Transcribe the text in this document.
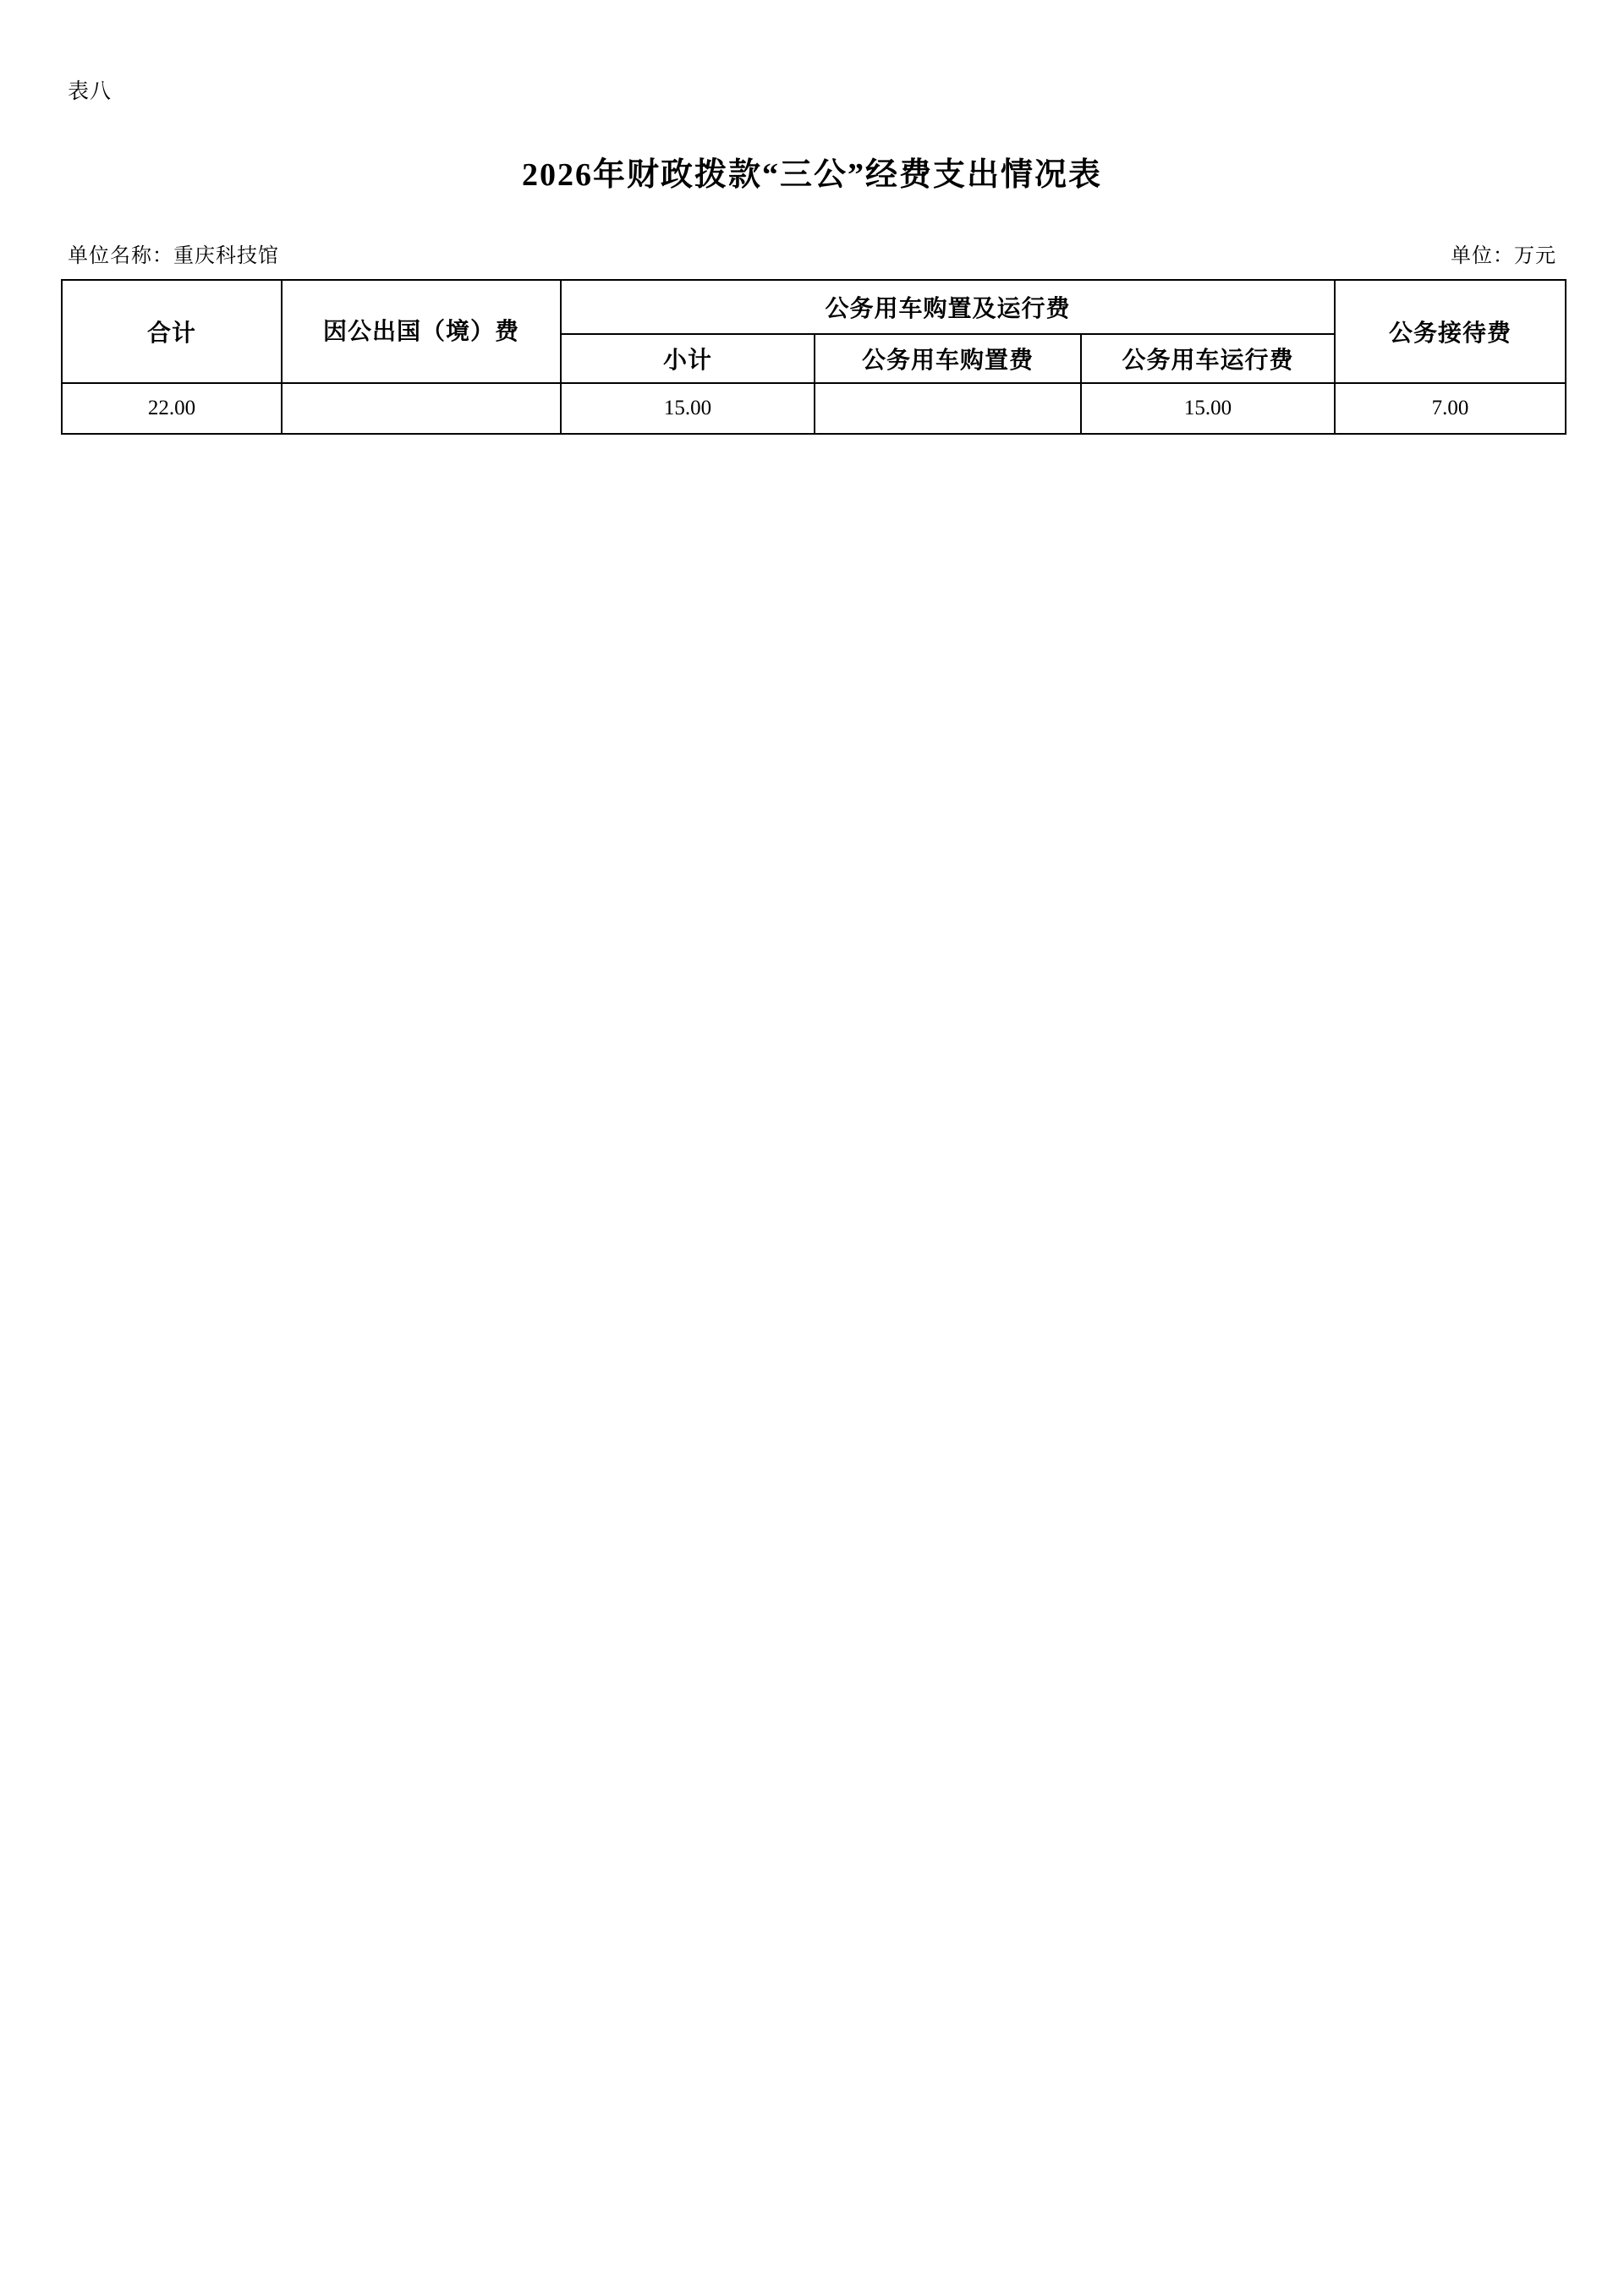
表八
2026年财政拨款“三公”经费支出情况表
单位名称：重庆科技馆	单位：万元
合计	因公出国（境）费	公务用车购置及运行费			公务接待费
		小计	公务用车购置费	公务用车运行费	
22.00		15.00		15.00	7.00
